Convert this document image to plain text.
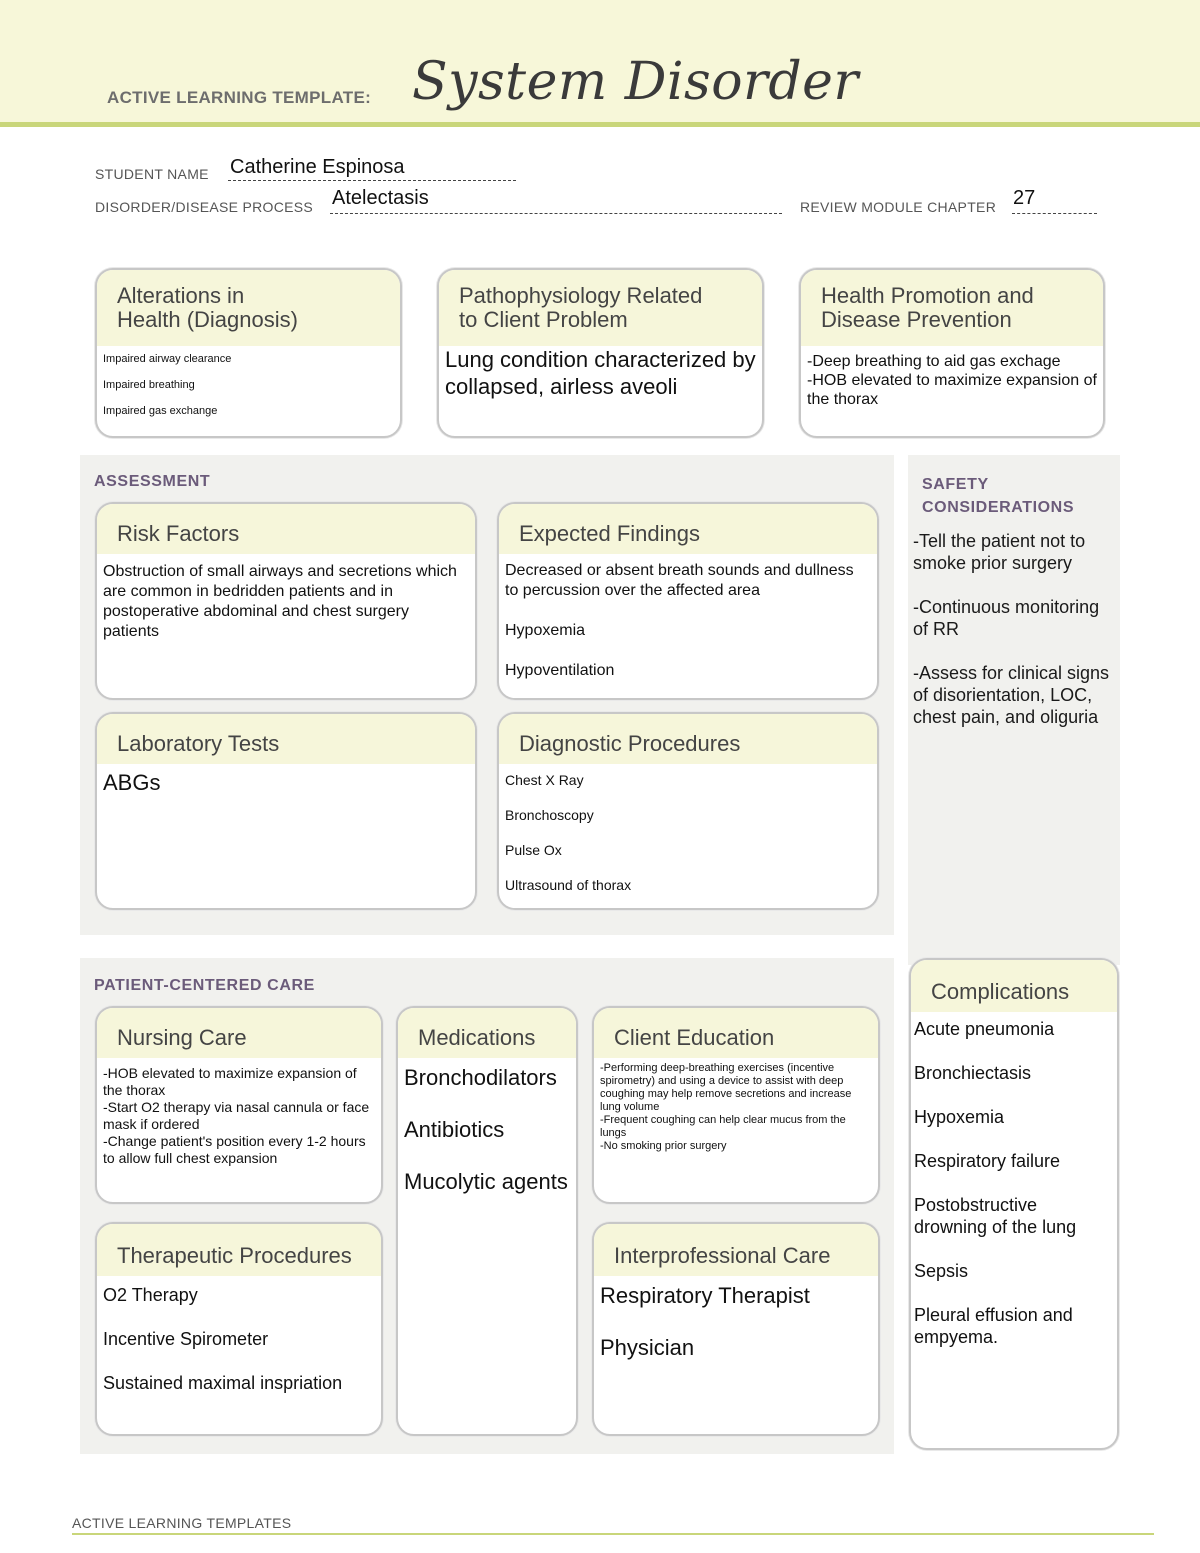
ACTIVE LEARNING TEMPLATE: System Disorder
STUDENT NAME Catherine Espinosa
DISORDER/DISEASE PROCESS Atelectasis	REVIEW MODULE CHAPTER 27
Alterations in
Health (Diagnosis)
Impaired airway clearance
Impaired breathing
Impaired gas exchange
Pathophysiology Related
to Client Problem
Lung condition characterized by collapsed, airless aveoli
Health Promotion and
Disease Prevention
-Deep breathing to aid gas exchage
-HOB elevated to maximize expansion of the thorax
ASSESSMENT
Risk Factors
Obstruction of small airways and secretions which are common in bedridden patients and in postoperative abdominal and chest surgery patients
Expected Findings
Decreased or absent breath sounds and dullness to percussion over the affected area
Hypoxemia
Hypoventilation
Laboratory Tests
ABGs
Diagnostic Procedures
Chest X Ray
Bronchoscopy
Pulse Ox
Ultrasound of thorax
SAFETY
CONSIDERATIONS
-Tell the patient not to smoke prior surgery
-Continuous monitoring of RR
-Assess for clinical signs of disorientation, LOC, chest pain, and oliguria
PATIENT-CENTERED CARE
Nursing Care
-HOB elevated to maximize expansion of the thorax
-Start O2 therapy via nasal cannula or face mask if ordered
-Change patient's position every 1-2 hours to allow full chest expansion
Medications
Bronchodilators
Antibiotics
Mucolytic agents
Client Education
-Performing deep-breathing exercises (incentive spirometry) and using a device to assist with deep coughing may help remove secretions and increase lung volume
-Frequent coughing can help clear mucus from the lungs
-No smoking prior surgery
Therapeutic Procedures
O2 Therapy
Incentive Spirometer
Sustained maximal inspriation
Interprofessional Care
Respiratory Therapist
Physician
Complications
Acute pneumonia
Bronchiectasis
Hypoxemia
Respiratory failure
Postobstructive drowning of the lung
Sepsis
Pleural effusion and empyema.
ACTIVE LEARNING TEMPLATES
